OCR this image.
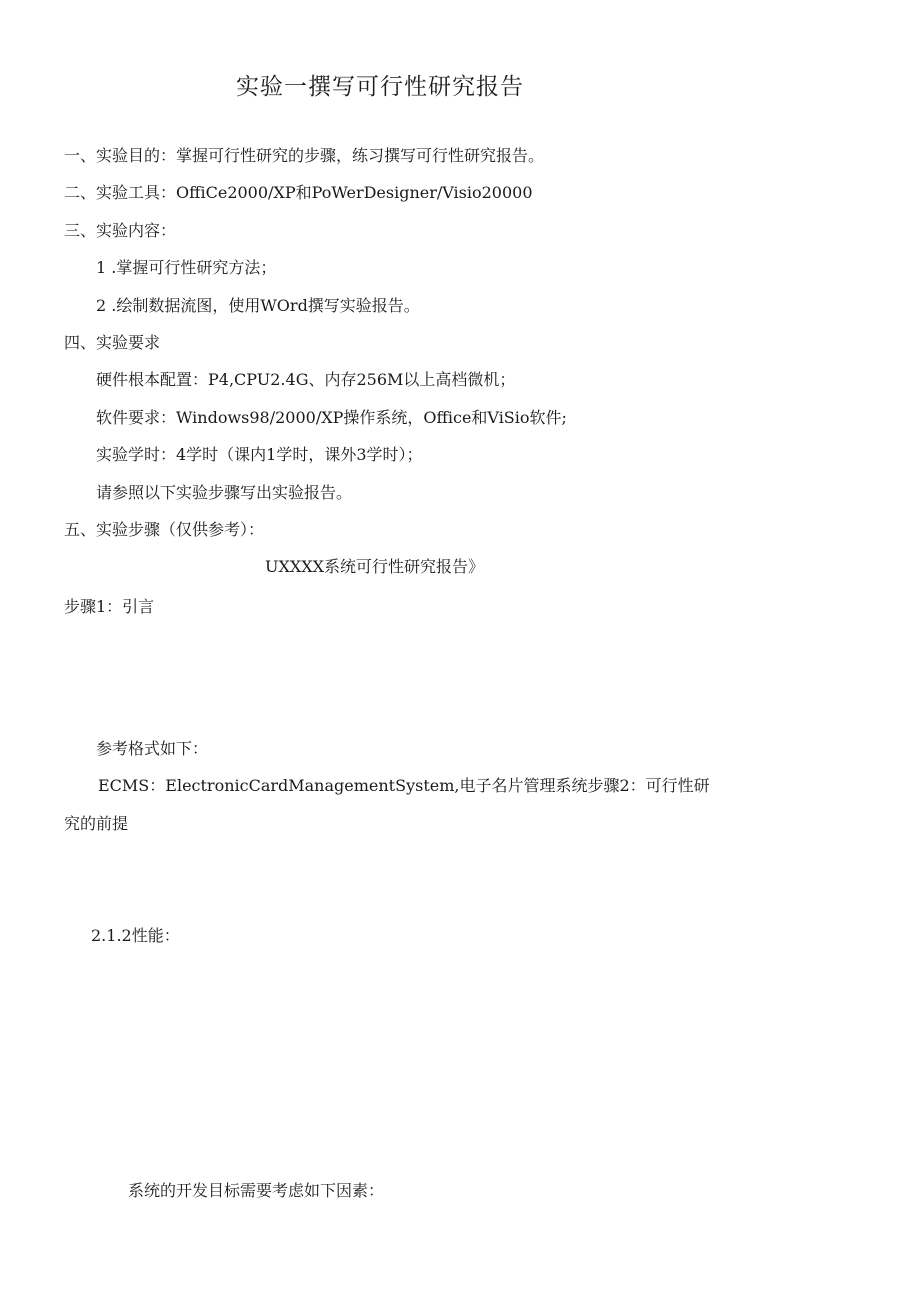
实验一撰写可行性研究报告
一、实验目的：掌握可行性研究的步骤，练习撰写可行性研究报告。
二、实验工具：OffiCe2000/XP和PoWerDesigner/Visio20000
三、实验内容：
1 .掌握可行性研究方法；
2 .绘制数据流图，使用WOrd撰写实验报告。
四、实验要求
硬件根本配置：P4,CPU2.4G、内存256M以上高档微机；
软件要求：Windows98∕2000∕XP操作系统，Office和ViSio软件;
实验学时：4学时（课内1学时，课外3学时）；
请参照以下实验步骤写出实验报告。
五、实验步骤（仅供参考）：
UXXXX系统可行性研究报告》
步骤1：引言
参考格式如下：
ECMS：ElectronicCardManagementSystem,电子名片管理系统步骤2：可行性研
究的前提
2.1.2性能：
系统的开发目标需要考虑如下因素：
